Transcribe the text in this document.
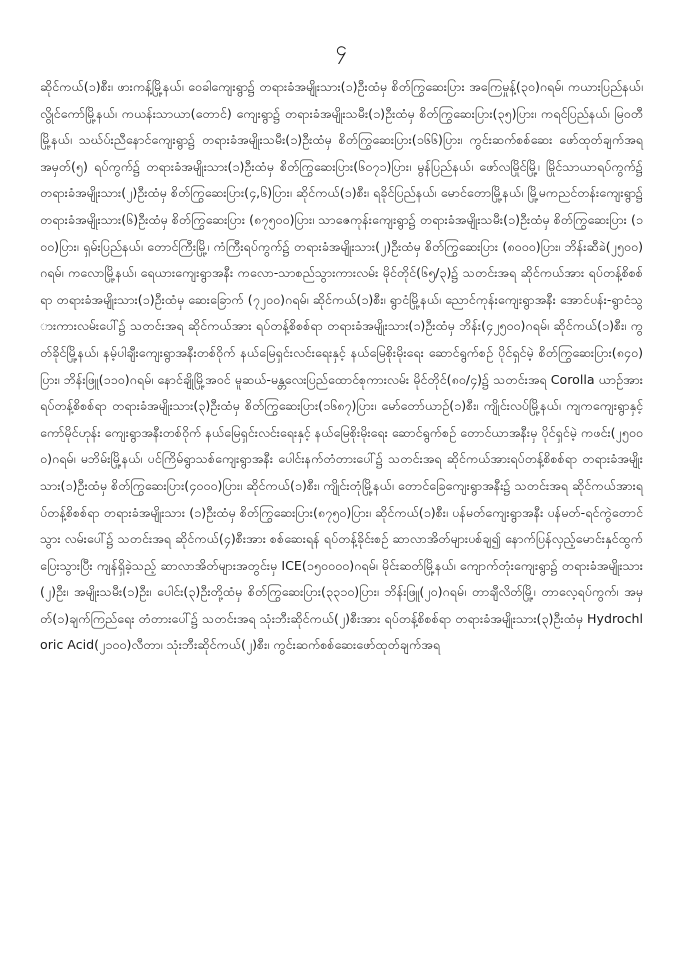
၄

ဆိုင်ကယ်(၁)စီး၊ ဖားကန့်မြို့နယ်၊ ဝေခါကျေးရွာ၌ တရားခံအမျိုးသား(၁)ဦးထံမှ စိတ်ကြွဆေးပြား အကြေမှုန့်(၃၀)ဂရမ်၊ ကယားပြည်နယ်၊ လွိုင်ကော်မြို့နယ်၊ ကယန်းသာယာ(တောင်) ကျေးရွာ၌ တရားခံအမျိုးသမီး(၁)ဦးထံမှ စိတ်ကြွဆေးပြား(၃၅)ပြား၊ ကရင်ပြည်နယ်၊ မြဝတီမြို့နယ်၊ သဃ်ပ်းညီနောင်ကျေးရွာ၌ တရားခံအမျိုးသမီး(၁)ဦးထံမှ စိတ်ကြွဆေးပြား(၁၆၆)ပြား၊ ကွင်းဆက်စစ်ဆေး ဖော်ထုတ်ချက်အရ အမှတ်(၅) ရပ်ကွက်၌ တရားခံအမျိုးသား(၁)ဦးထံမှ စိတ်ကြွဆေးပြား(၆၀၇၁)ပြား၊ မွန်ပြည်နယ်၊ ဖော်လမြိုင်မြို့၊ မြိုင်သာယာရပ်ကွက်၌ တရားခံအမျိုးသား(၂)ဦးထံမှ စိတ်ကြွဆေးပြား(၄,၆)ပြား၊ ဆိုင်ကယ်(၁)စီး၊ ရခိုင်ပြည်နယ်၊ မောင်တောမြို့နယ်၊ မြို့မကညင်တန်းကျေးရွာ၌ တရားခံအမျိုးသား(၆)ဦးထံမှ စိတ်ကြွဆေးပြား (၈၇၅၀၀)ပြား၊ သာဇေကုန်းကျေးရွာ၌ တရားခံအမျိုးသမီး(၁)ဦးထံမှ စိတ်ကြွဆေးပြား (၁၀၀)ပြား၊ ရှမ်းပြည်နယ်၊ တောင်ကြီးမြို့၊ ကံကြီးရပ်ကွက်၌ တရားခံအမျိုးသား(၂)ဦးထံမှ စိတ်ကြွဆေးပြား (၈၀၀၀)ပြား၊ ဘိန်းဆီခဲ(၂၅၀၀)ဂရမ်၊ ကလောမြို့နယ်၊ ရေယားကျေးရွာအနီး ကလော-သာစည်သွားကားလမ်း မိုင်တိုင်(၆၅/၃)၌ သတင်းအရ ဆိုင်ကယ်အား ရပ်တန့်စိစစ်ရာ တရားခံအမျိုးသား(၁)ဦးထံမှ ဆေးခြောက် (၇၂၀၀)ဂရမ်၊ ဆိုင်ကယ်(၁)စီး၊ ရွာငံမြို့နယ်၊ ညောင်ကုန်းကျေးရွာအနီး အောင်ပန်း-ရွာငံသွားကားလမ်းပေါ်၌ သတင်းအရ ဆိုင်ကယ်အား ရပ်တန့်စိစစ်ရာ တရားခံအမျိုးသား(၁)ဦးထံမှ ဘိန်း(၄၂၅၀၀)ဂရမ်၊ ဆိုင်ကယ်(၁)စီး၊ ကွတ်ခိုင်မြို့နယ်၊ နမ့်ပါချီးကျေးရွာအနီးတစ်ဝိုက် နယ်မြေရှင်းလင်းရေးနှင့် နယ်မြေစိုးမိုးရေး ဆောင်ရွက်စဉ် ပိုင်ရှင်မဲ့ စိတ်ကြွဆေးပြား(၈၄၀)ပြား၊ ဘိန်းဖြူ(၁၁၀)ဂရမ်၊ နောင်ချိုမြို့အဝင် မူဆယ်-မန္တလေးပြည်ထောင်စုကားလမ်း မိုင်တိုင်(၈၀/၄)၌ သတင်းအရ Corolla ယာဉ်အားရပ်တန့်စိစစ်ရာ တရားခံအမျိုးသား(၃)ဦးထံမှ စိတ်ကြွဆေးပြား(၁၆၈၇)ပြား၊ မော်တော်ယာဉ်(၁)စီး၊ ကျိုင်းလပ်မြို့နယ်၊ ကျကကျေးရွာနှင့် ကော်မိုင်ဟုန်း ကျေးရွာအနီးတစ်ဝိုက် နယ်မြေရှင်းလင်းရေးနှင့် နယ်မြေစိုးမိုးရေး ဆောင်ရွက်စဉ် တောင်ယာအနီးမှ ပိုင်ရှင်မဲ့ ကဖင်း(၂၅၀၀၀)ဂရမ်၊ မဘိမ်းမြို့နယ်၊ ပင်ကြိမ်ရွာသစ်ကျေးရွာအနီး ပေါင်းနက်တံတားပေါ်၌ သတင်းအရ ဆိုင်ကယ်အားရပ်တန့်စိစစ်ရာ တရားခံအမျိုးသား(၁)ဦးထံမှ စိတ်ကြွဆေးပြား(၄၀၀၀)ပြား၊ ဆိုင်ကယ်(၁)စီး၊ ကျိုင်းတုံမြို့နယ်၊ တောင်ခြေကျေးရွာအနီး၌ သတင်းအရ ဆိုင်ကယ်အားရပ်တန့်စိစစ်ရာ တရားခံအမျိုးသား (၁)ဦးထံမှ စိတ်ကြွဆေးပြား(၈၇၅၀)ပြား၊ ဆိုင်ကယ်(၁)စီး၊ ပန်မတ်ကျေးရွာအနီး ပန်မတ်-ရင်ကွဲတောင်သွား လမ်းပေါ်၌ သတင်းအရ ဆိုင်ကယ်(၄)စီးအား စစ်ဆေးရန် ရပ်တန့်ခိုင်းစဉ် ဆာလာအိတ်များပစ်ချ၍ နောက်ပြန်လှည့်မောင်းနှင်ထွက်ပြေးသွားပြီး ကျန်ရှိခဲ့သည့် ဆာလာအိတ်များအတွင်းမှ ICE(၁၅၀၀၀၀)ဂရမ်၊ မိုင်းဆတ်မြို့နယ်၊ ကျောက်တုံးကျေးရွာ၌ တရားခံအမျိုးသား (၂)ဦး၊ အမျိုးသမီး(၁)ဦး၊ ပေါင်း(၃)ဦးတို့ထံမှ စိတ်ကြွဆေးပြား(၃၃၁၀)ပြား၊ ဘိန်းဖြူ(၂၀)ဂရမ်၊ တာချီလိတ်မြို့၊ တာလေ့ရပ်ကွက်၊ အမှတ်(၁)ချက်ကြည်ရေး တံတားပေါ်၌ သတင်းအရ သုံးဘီးဆိုင်ကယ်(၂)စီးအား ရပ်တန့်စိစစ်ရာ တရားခံအမျိုးသား(၃)ဦးထံမှ Hydrochloric Acid(၂၁၀၀)လီတာ၊ သုံးဘီးဆိုင်ကယ်(၂)စီး၊ ကွင်းဆက်စစ်ဆေးဖော်ထုတ်ချက်အရ
